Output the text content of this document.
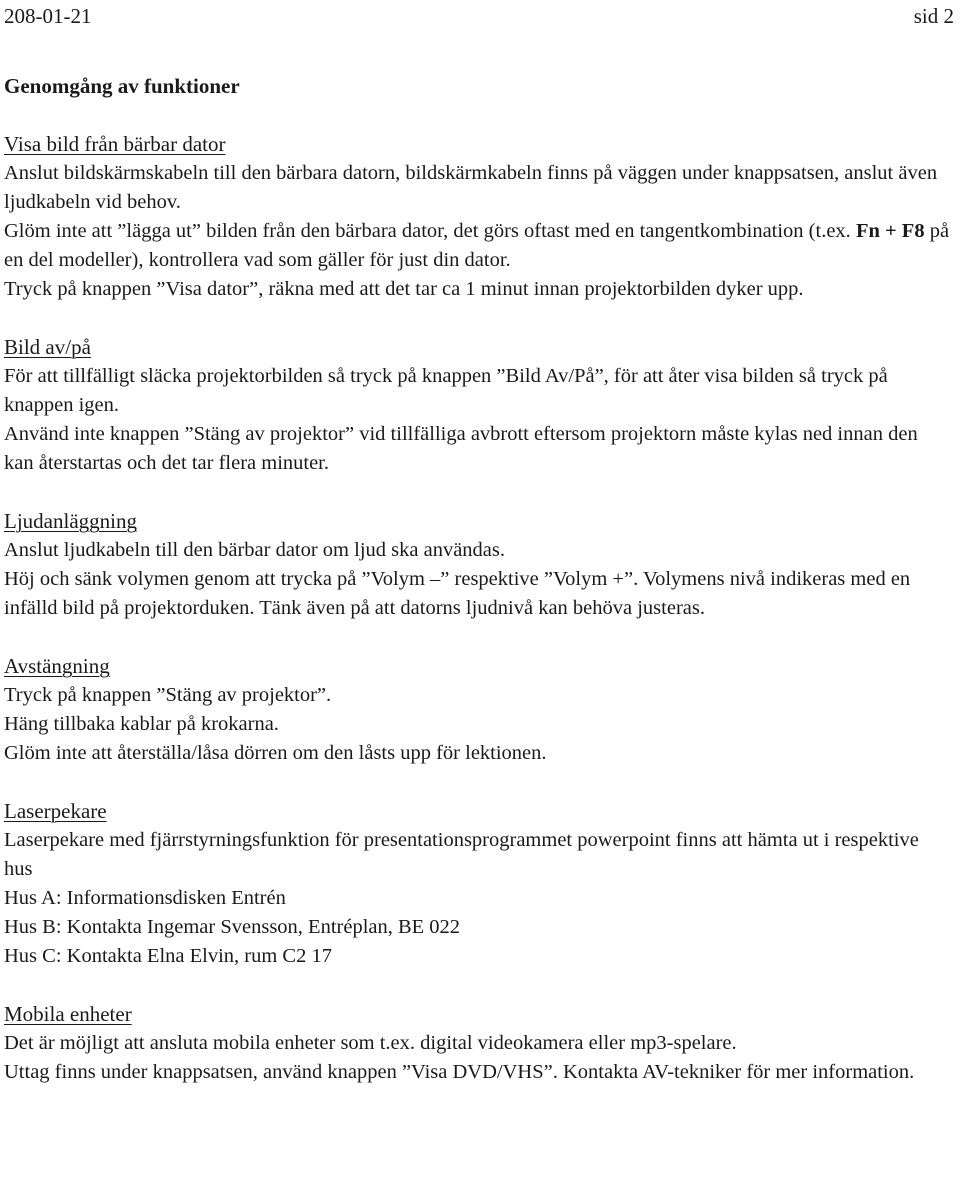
208-01-21	sid 2
Genomgång av funktioner
Visa bild från bärbar dator

Anslut bildskärmskabeln till den bärbara datorn, bildskärmkabeln finns på väggen under knappsatsen, anslut även ljudkabeln vid behov.

Glöm inte att ”lägga ut” bilden från den bärbara dator, det görs oftast med en tangentkombination (t.ex. Fn + F8 på en del modeller), kontrollera vad som gäller för just din dator.

Tryck på knappen ”Visa dator”, räkna med att det tar ca 1 minut innan projektorbilden dyker upp.

Bild av/på

För att tillfälligt släcka projektorbilden så tryck på knappen ”Bild Av/På”, för att åter visa bilden så tryck på knappen igen.

Använd inte knappen ”Stäng av projektor” vid tillfälliga avbrott eftersom projektorn måste kylas ned innan den kan återstartas och det tar flera minuter.

Ljudanläggning

Anslut ljudkabeln till den bärbar dator om ljud ska användas.

Höj och sänk volymen genom att trycka på ”Volym –” respektive ”Volym +”. Volymens nivå indikeras med en infälld bild på projektorduken. Tänk även på att datorns ljudnivå kan behöva justeras.

Avstängning

Tryck på knappen ”Stäng av projektor”.

Häng tillbaka kablar på krokarna.

Glöm inte att återställa/låsa dörren om den låsts upp för lektionen.

Laserpekare

Laserpekare med fjärrstyrningsfunktion för presentationsprogrammet powerpoint finns att hämta ut i respektive hus

Hus A: Informationsdisken Entrén

Hus B: Kontakta Ingemar Svensson, Entréplan, BE 022

Hus C: Kontakta Elna Elvin, rum C2 17

Mobila enheter

Det är möjligt att ansluta mobila enheter som t.ex. digital videokamera eller mp3-spelare.

Uttag finns under knappsatsen, använd knappen ”Visa DVD/VHS”. Kontakta AV-tekniker för mer information.
